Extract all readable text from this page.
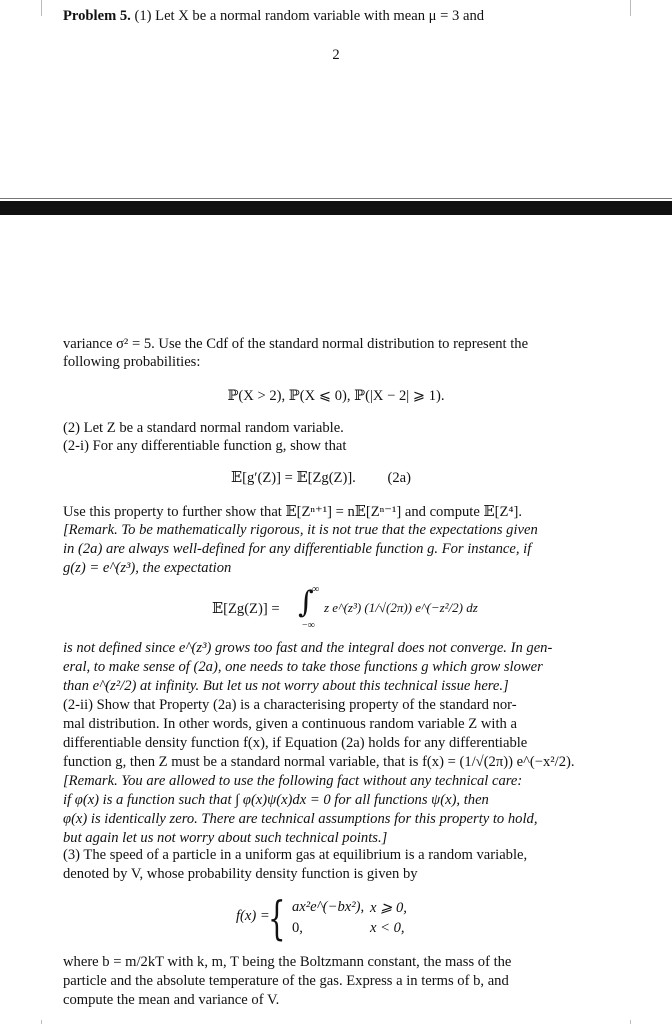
Problem 5. (1) Let X be a normal random variable with mean μ = 3 and

2

variance σ² = 5. Use the Cdf of the standard normal distribution to represent the

following probabilities:

ℙ(X > 2), ℙ(X ⩽ 0), ℙ(|X − 2| ⩾ 1).

(2) Let Z be a standard normal random variable.

(2-i) For any differentiable function g, show that

𝔼[g′(Z)] = 𝔼[Zg(Z)]. (2a)

Use this property to further show that 𝔼[Zⁿ⁺¹] = n𝔼[Zⁿ⁻¹] and compute 𝔼[Z⁴].

[Remark. To be mathematically rigorous, it is not true that the expectations given

in (2a) are always well-defined for any differentiable function g. For instance, if

g(z) = e^(z³), the expectation

𝔼[Zg(Z)] = ∫
∞
−∞
z e^(z³) (1/√(2π)) e^(−z²/2) dz

is not defined since e^(z³) grows too fast and the integral does not converge. In gen-

eral, to make sense of (2a), one needs to take those functions g which grow slower

than e^(z²/2) at infinity. But let us not worry about this technical issue here.]

(2-ii) Show that Property (2a) is a characterising property of the standard nor-

mal distribution. In other words, given a continuous random variable Z with a

differentiable density function f(x), if Equation (2a) holds for any differentiable

function g, then Z must be a standard normal variable, that is f(x) = (1/√(2π)) e^(−x²/2).

[Remark. You are allowed to use the following fact without any technical care:

if φ(x) is a function such that ∫ φ(x)ψ(x)dx = 0 for all functions ψ(x), then

φ(x) is identically zero. There are technical assumptions for this property to hold,

but again let us not worry about such technical points.]

(3) The speed of a particle in a uniform gas at equilibrium is a random variable,

denoted by V, whose probability density function is given by

f(x) =
{ ax²e^(−bx²), x ⩾ 0,
0,	x < 0,

where b = m/2kT with k, m, T being the Boltzmann constant, the mass of the

particle and the absolute temperature of the gas. Express a in terms of b, and

compute the mean and variance of V.
